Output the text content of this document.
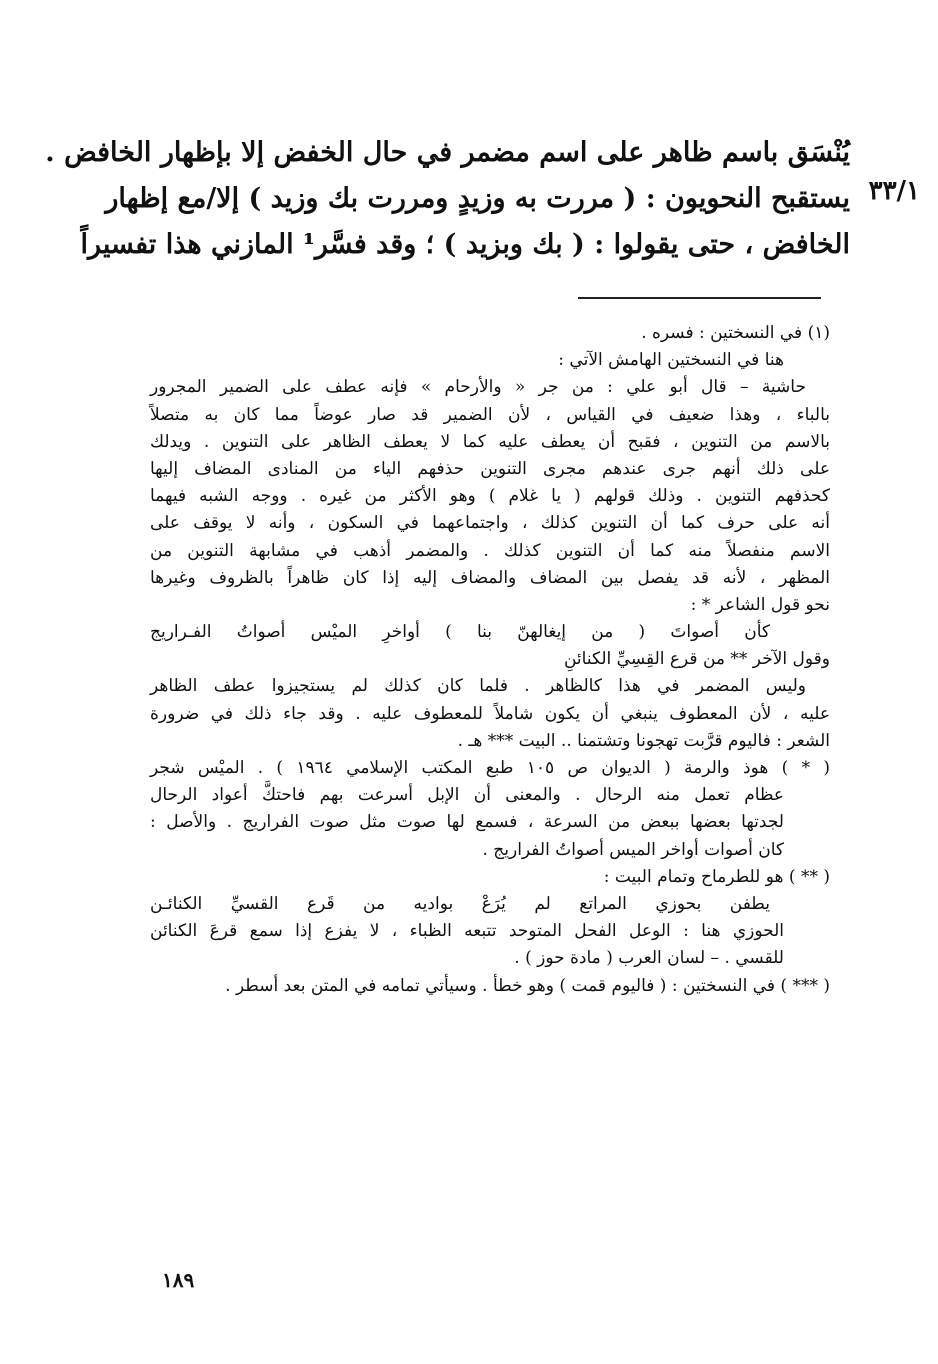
٣٣/١
يُنْسَق باسم ظاهر على اسم مضمر في حال الخفض إلا بإظهار الخافض .
يستقبح النحويون : ( مررت به وزيدٍ ومررت بك وزيد ) إلا/مع إظهار
الخافض ، حتى يقولوا : ( بك وبزيد ) ؛ وقد فسَّر¹ المازني هذا تفسيراً
(١) في النسختين : فسره .
هنا في النسختين الهامش الآتي :
حاشية – قال أبو علي : من جر « والأرحام » فإنه عطف على الضمير المجرور
بالباء ، وهذا ضعيف في القياس ، لأن الضمير قد صار عوضاً مما كان به متصلاً
بالاسم من التنوين ، فقبح أن يعطف عليه كما لا يعطف الظاهر على التنوين . ويدلك
على ذلك أنهم جرى عندهم مجرى التنوين حذفهم الياء من المنادى المضاف إليها
كحذفهم التنوين . وذلك قولهم ( يا غلام ) وهو الأكثر من غيره . ووجه الشبه فيهما
أنه على حرف كما أن التنوين كذلك ، واجتماعهما في السكون ، وأنه لا يوقف على
الاسم منفصلاً منه كما أن التنوين كذلك . والمضمر أذهب في مشابهة التنوين من
المظهر ، لأنه قد يفصل بين المضاف والمضاف إليه إذا كان ظاهراً بالظروف وغيرها
نحو قول الشاعر * :
كأن أصواتَ ( من إيغالهنّ بنا ) أواخرِ الميْس أصواتُ الفـراريج
وقول الآخر ** من قرع القِسِيِّ الكنائنِ
وليس المضمر في هذا كالظاهر . فلما كان كذلك لم يستجيزوا عطف الظاهر
عليه ، لأن المعطوف ينبغي أن يكون شاملاً للمعطوف عليه . وقد جاء ذلك في ضرورة
الشعر : فاليوم قرَّبت تهجونا وتشتمنا .. البيت *** هـ .
( * ) هوذ والرمة ( الديوان ص ١٠٥ طبع المكتب الإسلامي ١٩٦٤ ) . الميْس شجر
عظام تعمل منه الرحال . والمعنى أن الإبل أسرعت بهم فاحتكَّ أعواد الرحال
لجدتها بعضها ببعض من السرعة ، فسمع لها صوت مثل صوت الفراريج . والأصل :
كان أصوات أواخر الميس أصواتُ الفراريج .
( ** ) هو للطرماح وتمام البيت :
يطفن بحوزي المراتع لم يُرَعْ بواديه من قَرع القسيِّ الكنائـن
الحوزي هنا : الوعل الفحل المتوحد تتبعه الظباء ، لا يفزع إذا سمع قرعَ الكنائن
للقسي . – لسان العرب ( مادة حوز ) .
( *** ) في النسختين : ( فاليوم قمت ) وهو خطأ . وسيأتي تمامه في المتن بعد أسطر .
١٨٩
